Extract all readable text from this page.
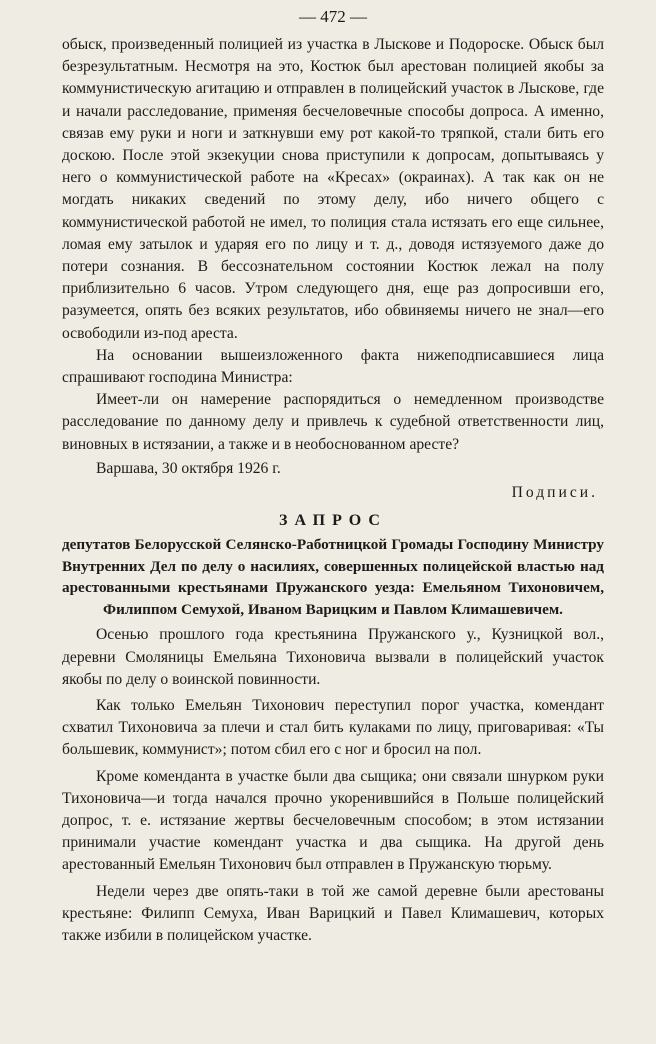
— 472 —

обыск, произведенный полицией из участка в Лыскове и Подороске. Обыск был безрезультатным. Несмотря на это, Костюк был арестован полицией якобы за коммунистическую агитацию и отправлен в полицейский участок в Лыскове, где и начали расследование, применяя бесчеловечные способы допроса. А именно, связав ему руки и ноги и заткнувши ему рот какой-то тряпкой, стали бить его доскою. После этой экзекуции снова приступили к допросам, допытываясь у него о коммунистической работе на «Кресах» (окраинах). А так как он не могдать никаких сведений по этому делу, ибо ничего общего с коммунистической работой не имел, то полиция стала истязать его еще сильнее, ломая ему затылок и ударяя его по лицу и т. д., доводя истязуемого даже до потери сознания. В бессознательном состоянии Костюк лежал на полу приблизительно 6 часов. Утром следующего дня, еще раз допросивши его, разумеется, опять без всяких результатов, ибо обвиняемы ничего не знал—его освободили из-под ареста.

На основании вышеизложенного факта нижеподписавшиеся лица спрашивают господина Министра:

Имеет-ли он намерение распорядиться о немедленном производстве расследование по данному делу и привлечь к судебной ответственности лиц, виновных в истязании, а также и в необоснованном аресте?

Варшава, 30 октября 1926 г.

Подписи.
ЗАПРОС

депутатов Белорусской Селянско-Работницкой Громады Господину Министру Внутренних Дел по делу о насилиях, совершенных полицейской властью над арестованными крестьянами Пружанского уезда: Емельяном Тихоновичем, Филиппом Семухой, Иваном Варицким и Павлом Климашевичем.

Осенью прошлого года крестьянина Пружанского у., Кузницкой вол., деревни Смоляницы Емельяна Тихоновича вызвали в полицейский участок якобы по делу о воинской повинности.

Как только Емельян Тихонович переступил порог участка, комендант схватил Тихоновича за плечи и стал бить кулаками по лицу, приговаривая: «Ты большевик, коммунист»; потом сбил его с ног и бросил на пол.

Кроме коменданта в участке были два сыщика; они связали шнурком руки Тихоновича—и тогда начался прочно укоренившийся в Польше полицейский допрос, т. е. истязание жертвы бесчеловечным способом; в этом истязании принимали участие комендант участка и два сыщика. На другой день арестованный Емельян Тихонович был отправлен в Пружанскую тюрьму.

Недели через две опять-таки в той же самой деревне были арестованы крестьяне: Филипп Семуха, Иван Варицкий и Павел Климашевич, которых также избили в полицейском участке.
